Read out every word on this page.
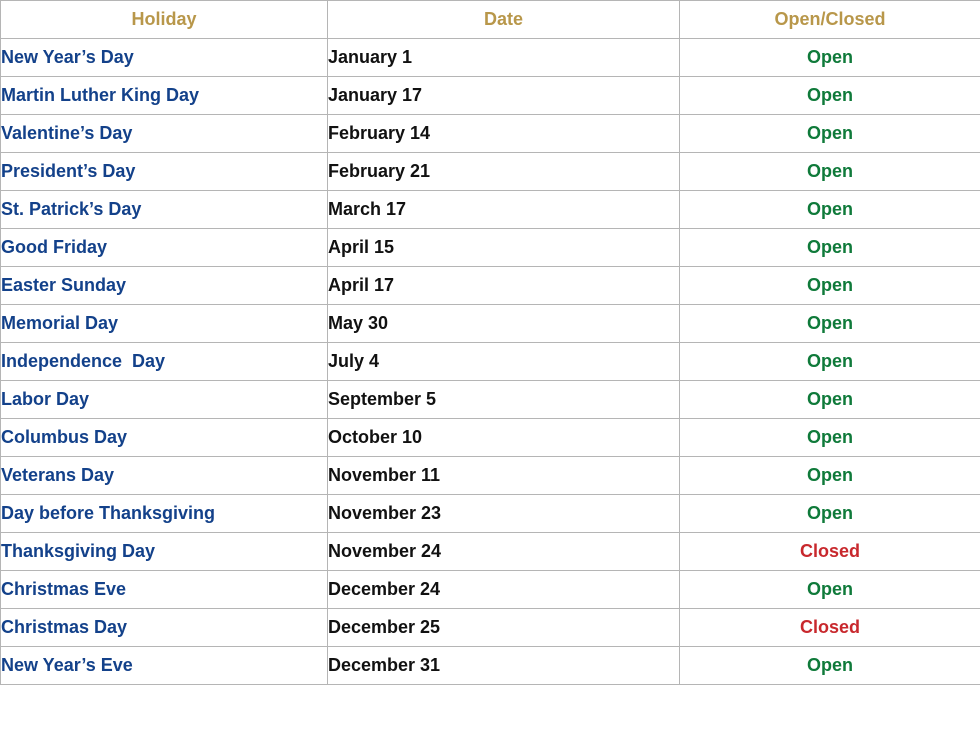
Holiday	Date	Open/Closed
New Year’s Day	January 1	Open
Martin Luther King Day	January 17	Open
Valentine’s Day	February 14	Open
President’s Day	February 21	Open
St. Patrick’s Day	March 17	Open
Good Friday	April 15	Open
Easter Sunday	April 17	Open
Memorial Day	May 30	Open
Independence  Day	July 4	Open
Labor Day	September 5	Open
Columbus Day	October 10	Open
Veterans Day	November 11	Open
Day before Thanksgiving	November 23	Open
Thanksgiving Day	November 24	Closed
Christmas Eve	December 24	Open
Christmas Day	December 25	Closed
New Year’s Eve	December 31	Open
